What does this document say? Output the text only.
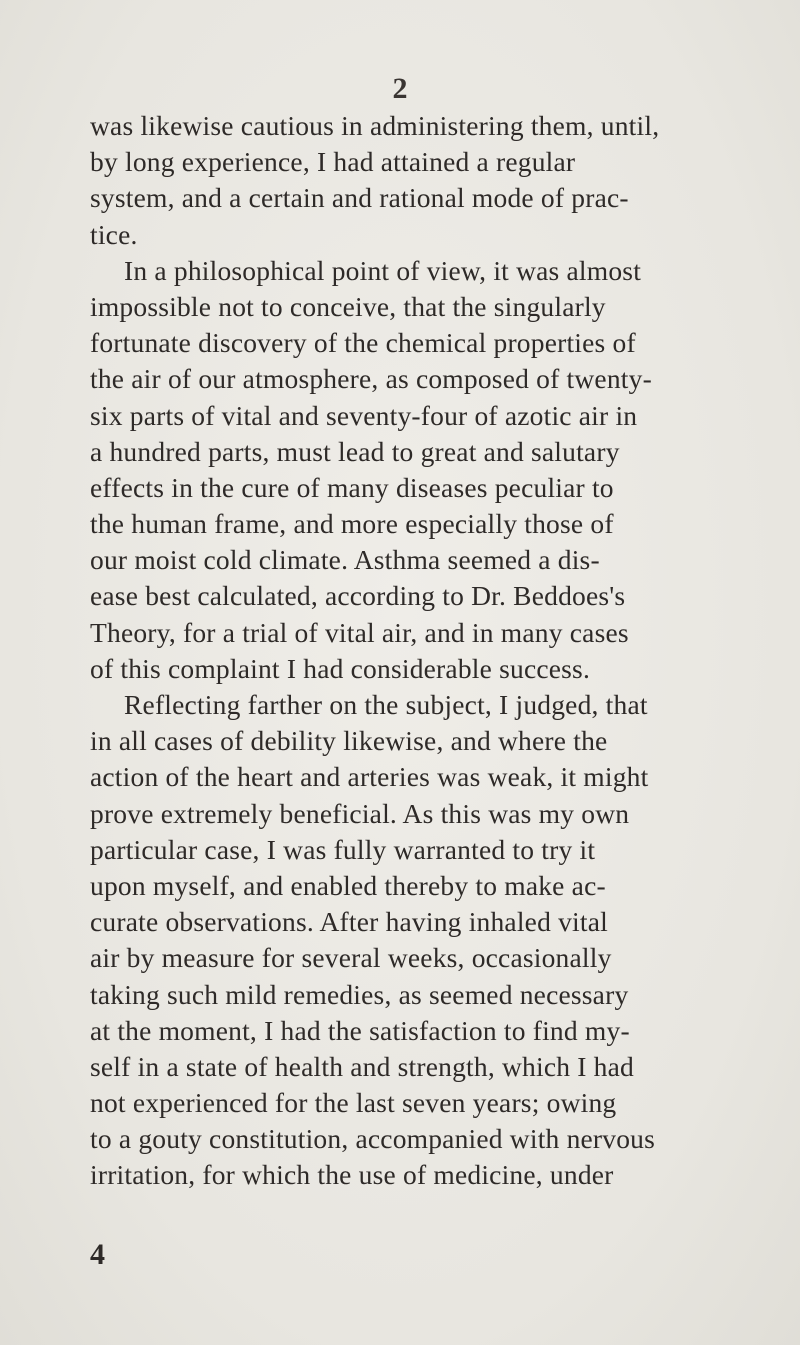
2
was likewise cautious in administering them, until,
by long experience, I had attained a regular
system, and a certain and rational mode of prac-
tice.
In a philosophical point of view, it was almost
impossible not to conceive, that the singularly
fortunate discovery of the chemical properties of
the air of our atmosphere, as composed of twenty-
six parts of vital and seventy-four of azotic air in
a hundred parts, must lead to great and salutary
effects in the cure of many diseases peculiar to
the human frame, and more especially those of
our moist cold climate. Asthma seemed a dis-
ease best calculated, according to Dr. Beddoes's
Theory, for a trial of vital air, and in many cases
of this complaint I had considerable success.
Reflecting farther on the subject, I judged, that
in all cases of debility likewise, and where the
action of the heart and arteries was weak, it might
prove extremely beneficial. As this was my own
particular case, I was fully warranted to try it
upon myself, and enabled thereby to make ac-
curate observations. After having inhaled vital
air by measure for several weeks, occasionally
taking such mild remedies, as seemed necessary
at the moment, I had the satisfaction to find my-
self in a state of health and strength, which I had
not experienced for the last seven years; owing
to a gouty constitution, accompanied with nervous
irritation, for which the use of medicine, under
4
